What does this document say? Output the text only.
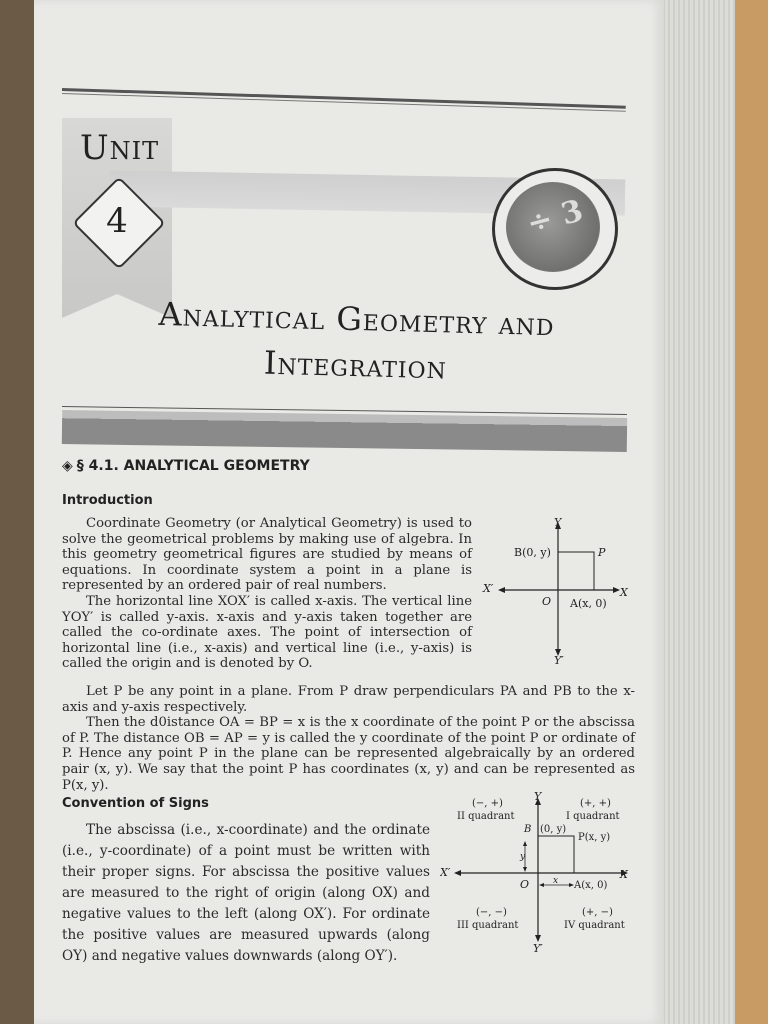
Unit
4	÷ 3
Analytical Geometry and
Integration
◈ § 4.1. ANALYTICAL GEOMETRY
Introduction

Coordinate Geometry (or Analytical Geometry) is used to solve the geometrical problems by making use of algebra. In this geometry geometrical figures are studied by means of equations. In coordinate system a point in a plane is represented by an ordered pair of real numbers.

The horizontal line XOX′ is called x-axis. The vertical line YOY′ is called y-axis. x-axis and y-axis taken together are called the co-ordinate axes. The point of intersection of horizontal line (i.e., x-axis) and vertical line (i.e., y-axis) is called the origin and is denoted by O.

Let P be any point in a plane. From P draw perpendiculars PA and PB to the x-axis and y-axis respectively.

Then the d0istance OA = BP = x is the x coordinate of the point P or the abscissa of P. The distance OB = AP = y is called the y coordinate of the point P or ordinate of P. Hence any point P in the plane can be represented algebraically by an ordered pair (x, y). We say that the point P has coordinates (x, y) and can be represented as P(x, y).

Convention of Signs

The abscissa (i.e., x-coordinate) and the ordinate (i.e., y-coordinate) of a point must be written with their proper signs. For abscissa the positive values are measured to the right of origin (along OX) and negative values to the left (along OX′). For ordinate the positive values are measured upwards (along OY) and negative values downwards (along OY′).

Y
Y′
X
X′
O
B(0, y)	P
A(x, 0)
Y
Y′
X
X′
O
(−, +)
II quadrant
(+, +)
I quadrant
(−, −)
III quadrant
(+, −)
IV quadrant
B (0, y)
P(x, y)
A(x, 0)
x
y
